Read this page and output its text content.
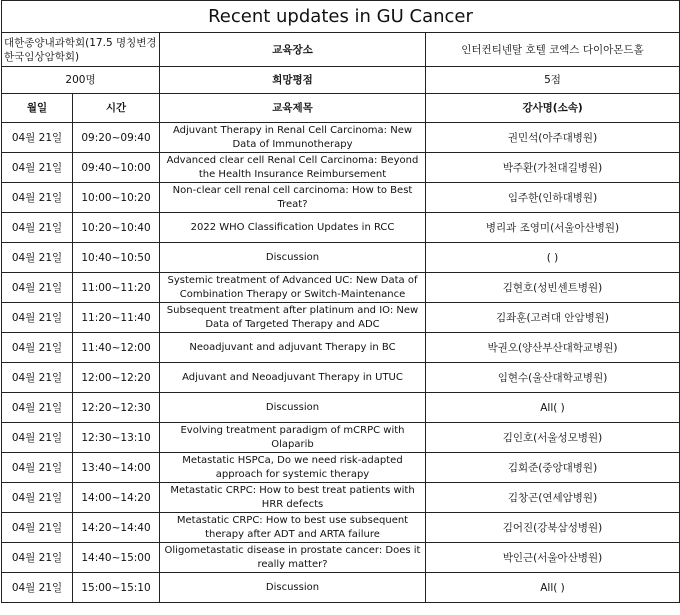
Recent updates in GU Cancer			
대한종양내과학회(17.5 명칭변경 한국임상암학회)		교육장소	인터컨티넨탈 호텔 코엑스 다이아몬드홀
200명		희망평점	5점
월일	시간	교육제목	강사명(소속)
04월 21일	09:20~09:40	Adjuvant Therapy in Renal Cell Carcinoma: New Data of Immunotherapy	권민석(아주대병원)
04월 21일	09:40~10:00	Advanced clear cell Renal Cell Carcinoma: Beyond the Health Insurance Reimbursement	박주환(가천대길병원)
04월 21일	10:00~10:20	Non-clear cell renal cell carcinoma: How to Best Treat?	임주한(인하대병원)
04월 21일	10:20~10:40	2022 WHO Classification Updates in RCC	병리과 조영미(서울아산병원)
04월 21일	10:40~10:50	Discussion	( )
04월 21일	11:00~11:20	Systemic treatment of Advanced UC: New Data of Combination Therapy or Switch-Maintenance	김현호(성빈센트병원)
04월 21일	11:20~11:40	Subsequent treatment after platinum and IO: New Data of Targeted Therapy and ADC	김좌훈(고려대 안암병원)
04월 21일	11:40~12:00	Neoadjuvant and adjuvant Therapy in BC	박권오(양산부산대학교병원)
04월 21일	12:00~12:20	Adjuvant and Neoadjuvant Therapy in UTUC	임현수(울산대학교병원)
04월 21일	12:20~12:30	Discussion	All( )
04월 21일	12:30~13:10	Evolving treatment paradigm of mCRPC with Olaparib	김인호(서울성모병원)
04월 21일	13:40~14:00	Metastatic HSPCa, Do we need risk-adapted approach for systemic therapy	김회준(중앙대병원)
04월 21일	14:00~14:20	Metastatic CRPC: How to best treat patients with HRR defects	김창곤(연세암병원)
04월 21일	14:20~14:40	Metastatic CRPC: How to best use subsequent therapy after ADT and ARTA failure	김어진(강북삼성병원)
04월 21일	14:40~15:00	Oligometastatic disease in prostate cancer: Does it really matter?	박인근(서울아산병원)
04월 21일	15:00~15:10	Discussion	All( )
